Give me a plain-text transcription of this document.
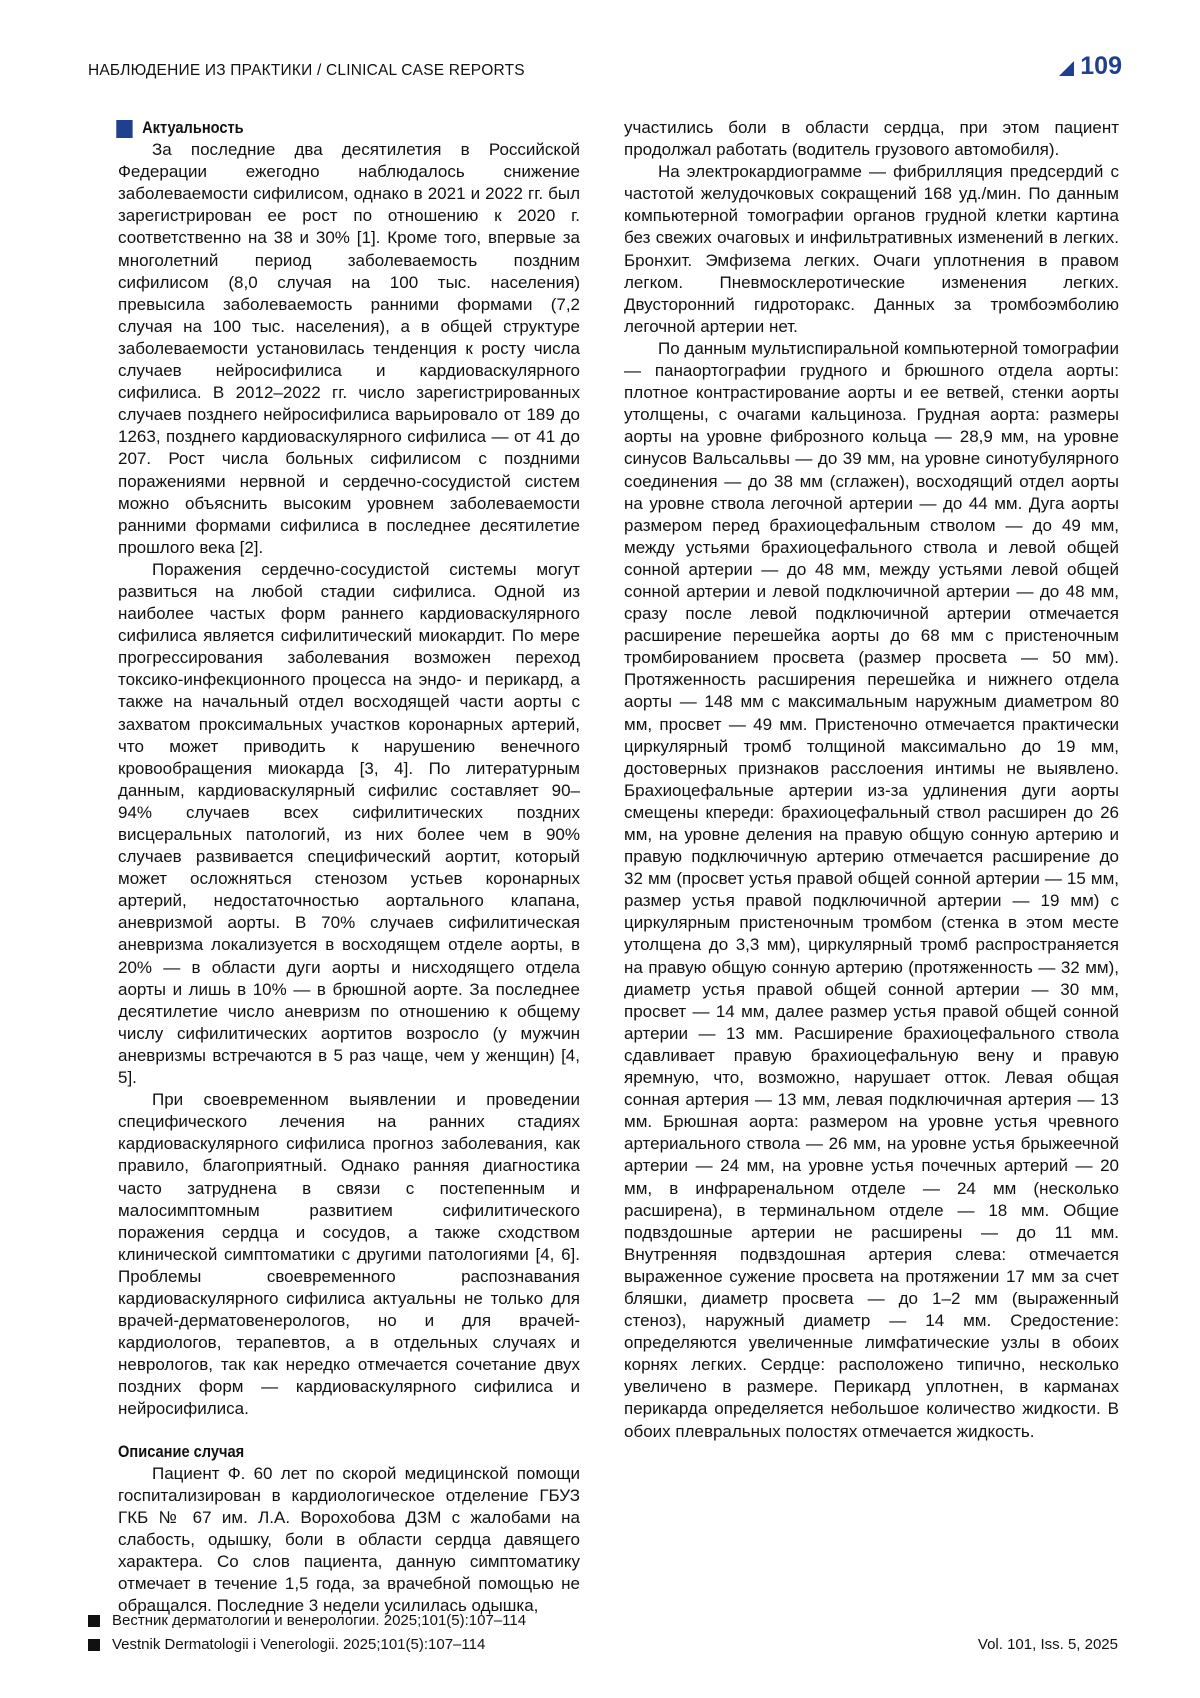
НАБЛЮДЕНИЕ ИЗ ПРАКТИКИ / CLINICAL CASE REPORTS	109
Актуальность

За последние два десятилетия в Российской Федерации ежегодно наблюдалось снижение заболеваемости сифилисом, однако в 2021 и 2022 гг. был зарегистрирован ее рост по отношению к 2020 г. соответственно на 38 и 30% [1]. Кроме того, впервые за многолетний период заболеваемость поздним сифилисом (8,0 случая на 100 тыс. населения) превысила заболеваемость ранними формами (7,2 случая на 100 тыс. населения), а в общей структуре заболеваемости установилась тенденция к росту числа случаев нейросифилиса и кардиоваскулярного сифилиса. В 2012–2022 гг. число зарегистрированных случаев позднего нейросифилиса варьировало от 189 до 1263, позднего кардиоваскулярного сифилиса — от 41 до 207. Рост числа больных сифилисом с поздними поражениями нервной и сердечно-сосудистой систем можно объяснить высоким уровнем заболеваемости ранними формами сифилиса в последнее десятилетие прошлого века [2].

Поражения сердечно-сосудистой системы могут развиться на любой стадии сифилиса. Одной из наиболее частых форм раннего кардиоваскулярного сифилиса является сифилитический миокардит. По мере прогрессирования заболевания возможен переход токсико-инфекционного процесса на эндо- и перикард, а также на начальный отдел восходящей части аорты с захватом проксимальных участков коронарных артерий, что может приводить к нарушению венечного кровообращения миокарда [3, 4]. По литературным данным, кардиоваскулярный сифилис составляет 90–94% случаев всех сифилитических поздних висцеральных патологий, из них более чем в 90% случаев развивается специфический аортит, который может осложняться стенозом устьев коронарных артерий, недостаточностью аортального клапана, аневризмой аорты. В 70% случаев сифилитическая аневризма локализуется в восходящем отделе аорты, в 20% — в области дуги аорты и нисходящего отдела аорты и лишь в 10% — в брюшной аорте. За последнее десятилетие число аневризм по отношению к общему числу сифилитических аортитов возросло (у мужчин аневризмы встречаются в 5 раз чаще, чем у женщин) [4, 5].

При своевременном выявлении и проведении специфического лечения на ранних стадиях кардиоваскулярного сифилиса прогноз заболевания, как правило, благоприятный. Однако ранняя диагностика часто затруднена в связи с постепенным и малосимптомным развитием сифилитического поражения сердца и сосудов, а также сходством клинической симптоматики с другими патологиями [4, 6]. Проблемы своевременного распознавания кардиоваскулярного сифилиса актуальны не только для врачей-дерматовенерологов, но и для врачей-кардиологов, терапевтов, а в отдельных случаях и неврологов, так как нередко отмечается сочетание двух поздних форм — кардиоваскулярного сифилиса и нейросифилиса.

Описание случая

Пациент Ф. 60 лет по скорой медицинской помощи госпитализирован в кардиологическое отделение ГБУЗ ГКБ № 67 им. Л.А. Ворохобова ДЗМ с жалобами на слабость, одышку, боли в области сердца давящего характера. Со слов пациента, данную симптоматику отмечает в течение 1,5 года, за врачебной помощью не обращался. Последние 3 недели усилилась одышка,

участились боли в области сердца, при этом пациент продолжал работать (водитель грузового автомобиля).

На электрокардиограмме — фибрилляция предсердий с частотой желудочковых сокращений 168 уд./мин. По данным компьютерной томографии органов грудной клетки картина без свежих очаговых и инфильтративных изменений в легких. Бронхит. Эмфизема легких. Очаги уплотнения в правом легком. Пневмосклеротические изменения легких. Двусторонний гидроторакс. Данных за тромбоэмболию легочной артерии нет.

По данным мультиспиральной компьютерной томографии — панаортографии грудного и брюшного отдела аорты: плотное контрастирование аорты и ее ветвей, стенки аорты утолщены, с очагами кальциноза. Грудная аорта: размеры аорты на уровне фиброзного кольца — 28,9 мм, на уровне синусов Вальсальвы — до 39 мм, на уровне синотубулярного соединения — до 38 мм (сглажен), восходящий отдел аорты на уровне ствола легочной артерии — до 44 мм. Дуга аорты размером перед брахиоцефальным стволом — до 49 мм, между устьями брахиоцефального ствола и левой общей сонной артерии — до 48 мм, между устьями левой общей сонной артерии и левой подключичной артерии — до 48 мм, сразу после левой подключичной артерии отмечается расширение перешейка аорты до 68 мм с пристеночным тромбированием просвета (размер просвета — 50 мм). Протяженность расширения перешейка и нижнего отдела аорты — 148 мм с максимальным наружным диаметром 80 мм, просвет — 49 мм. Пристеночно отмечается практически циркулярный тромб толщиной максимально до 19 мм, достоверных признаков расслоения интимы не выявлено. Брахиоцефальные артерии из-за удлинения дуги аорты смещены кпереди: брахиоцефальный ствол расширен до 26 мм, на уровне деления на правую общую сонную артерию и правую подключичную артерию отмечается расширение до 32 мм (просвет устья правой общей сонной артерии — 15 мм, размер устья правой подключичной артерии — 19 мм) с циркулярным пристеночным тромбом (стенка в этом месте утолщена до 3,3 мм), циркулярный тромб распространяется на правую общую сонную артерию (протяженность — 32 мм), диаметр устья правой общей сонной артерии — 30 мм, просвет — 14 мм, далее размер устья правой общей сонной артерии — 13 мм. Расширение брахиоцефального ствола сдавливает правую брахиоцефальную вену и правую яремную, что, возможно, нарушает отток. Левая общая сонная артерия — 13 мм, левая подключичная артерия — 13 мм. Брюшная аорта: размером на уровне устья чревного артериального ствола — 26 мм, на уровне устья брыжеечной артерии — 24 мм, на уровне устья почечных артерий — 20 мм, в инфраренальном отделе — 24 мм (несколько расширена), в терминальном отделе — 18 мм. Общие подвздошные артерии не расширены — до 11 мм. Внутренняя подвздошная артерия слева: отмечается выраженное сужение просвета на протяжении 17 мм за счет бляшки, диаметр просвета — до 1–2 мм (выраженный стеноз), наружный диаметр — 14 мм. Средостение: определяются увеличенные лимфатические узлы в обоих корнях легких. Сердце: расположено типично, несколько увеличено в размере. Перикард уплотнен, в карманах перикарда определяется небольшое количество жидкости. В обоих плевральных полостях отмечается жидкость.

Вестник дерматологии и венерологии. 2025;101(5):107–114
Vestnik Dermatologii i Venerologii. 2025;101(5):107–114	Vol. 101, Iss. 5, 2025
